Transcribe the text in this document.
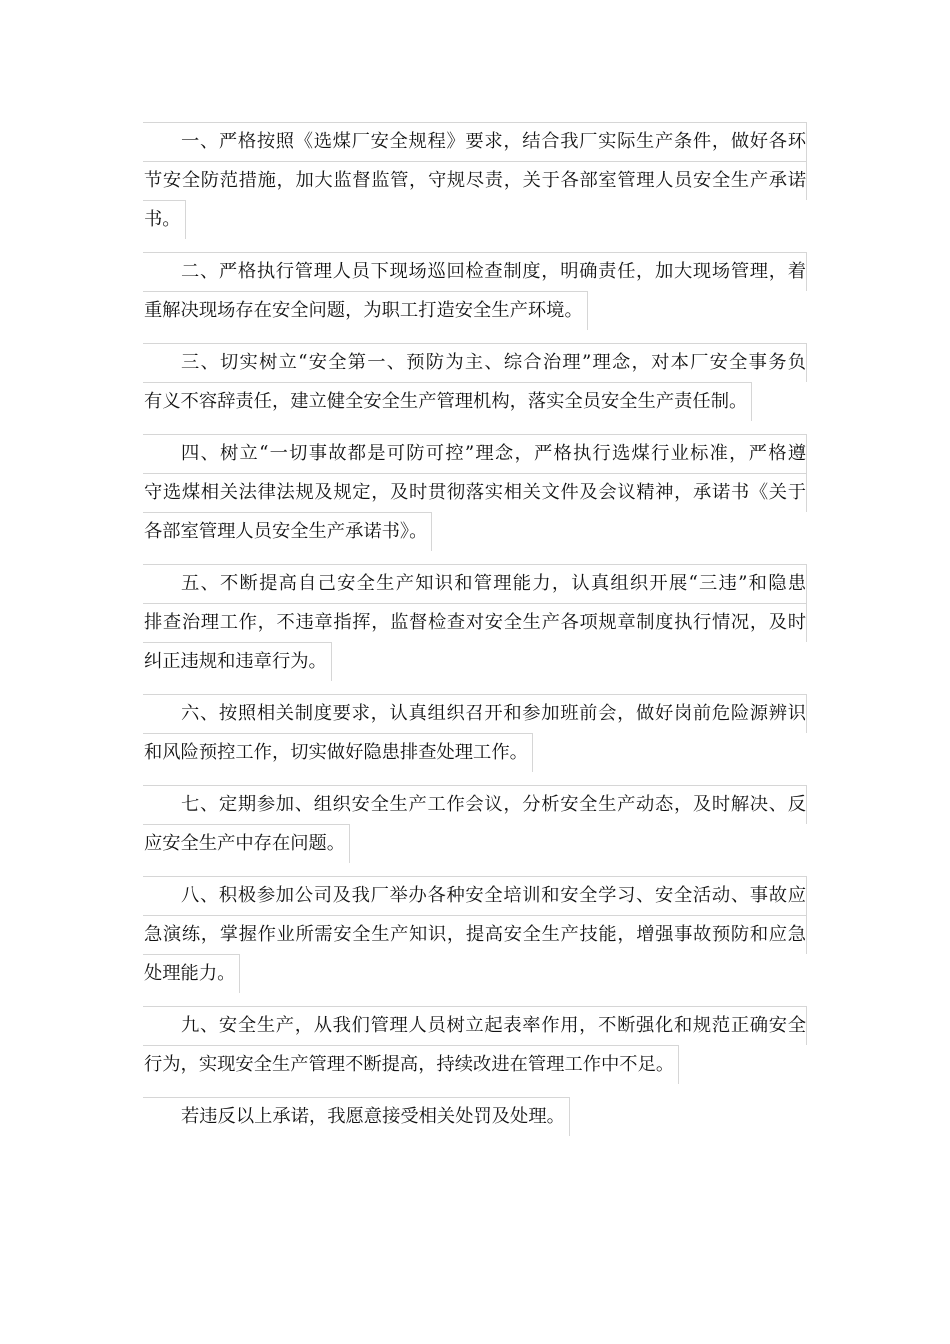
一、严格按照《选煤厂安全规程》要求，结合我厂实际生产条件，做好各环
节安全防范措施，加大监督监管，守规尽责，关于各部室管理人员安全生产承诺
书。
二、严格执行管理人员下现场巡回检查制度，明确责任，加大现场管理，着
重解决现场存在安全问题，为职工打造安全生产环境。
三、切实树立“安全第一、预防为主、综合治理”理念，对本厂安全事务负
有义不容辞责任，建立健全安全生产管理机构，落实全员安全生产责任制。
四、树立“一切事故都是可防可控”理念，严格执行选煤行业标准，严格遵
守选煤相关法律法规及规定，及时贯彻落实相关文件及会议精神，承诺书《关于
各部室管理人员安全生产承诺书》。
五、不断提高自己安全生产知识和管理能力，认真组织开展“三违”和隐患
排查治理工作，不违章指挥，监督检查对安全生产各项规章制度执行情况，及时
纠正违规和违章行为。
六、按照相关制度要求，认真组织召开和参加班前会，做好岗前危险源辨识
和风险预控工作，切实做好隐患排查处理工作。
七、定期参加、组织安全生产工作会议，分析安全生产动态，及时解决、反
应安全生产中存在问题。
八、积极参加公司及我厂举办各种安全培训和安全学习、安全活动、事故应
急演练，掌握作业所需安全生产知识，提高安全生产技能，增强事故预防和应急
处理能力。
九、安全生产，从我们管理人员树立起表率作用，不断强化和规范正确安全
行为，实现安全生产管理不断提高，持续改进在管理工作中不足。
若违反以上承诺，我愿意接受相关处罚及处理。
